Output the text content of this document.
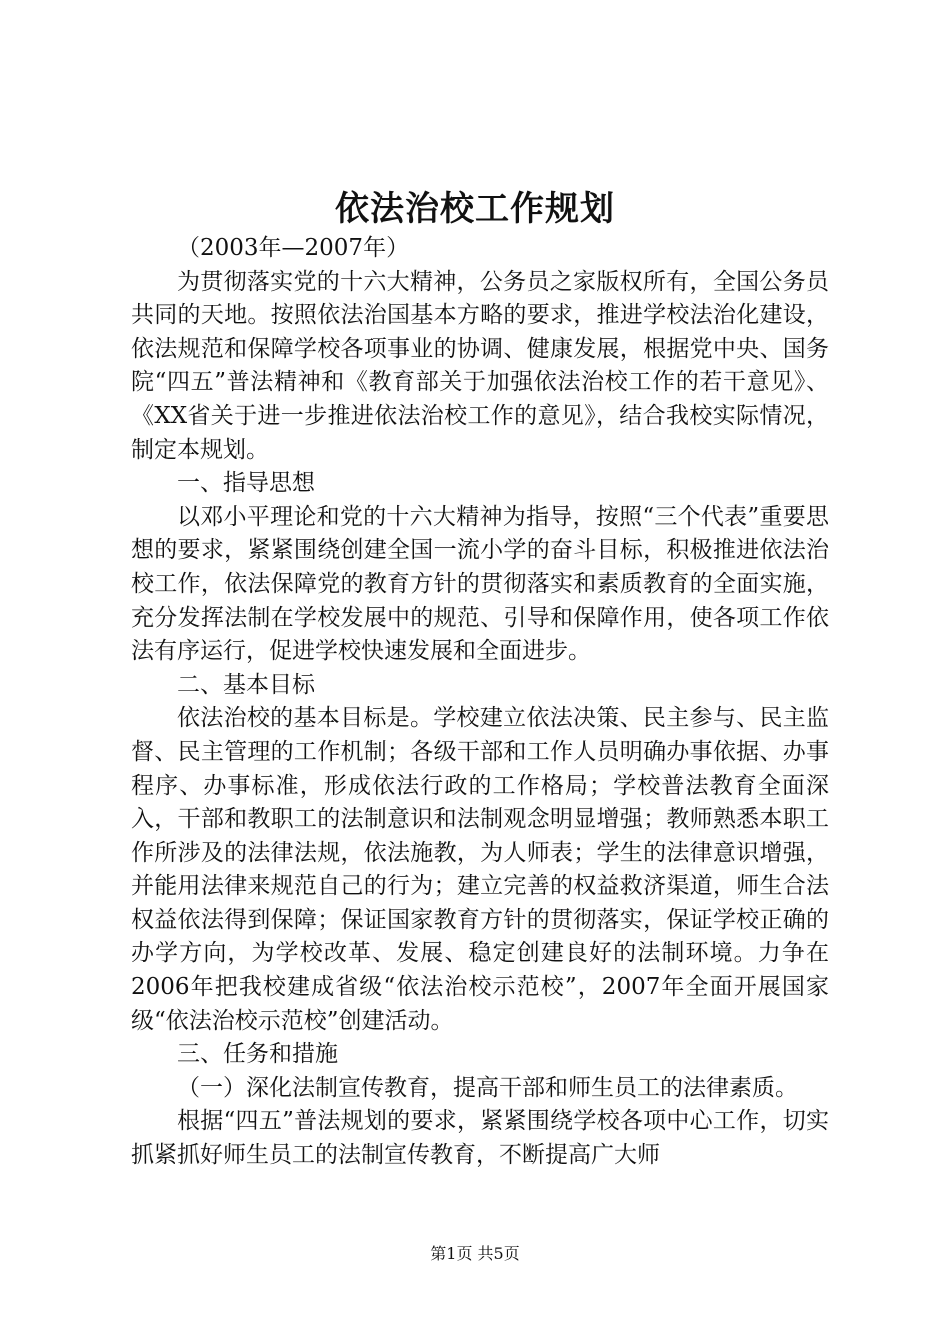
依法治校工作规划

（2003年—2007年）

为贯彻落实党的十六大精神，公务员之家版权所有，全国公务员共同的天地。按照依法治国基本方略的要求，推进学校法治化建设，依法规范和保障学校各项事业的协调、健康发展，根据党中央、国务院“四五”普法精神和《教育部关于加强依法治校工作的若干意见》、《XX省关于进一步推进依法治校工作的意见》，结合我校实际情况，制定本规划。

一、指导思想

以邓小平理论和党的十六大精神为指导，按照“三个代表”重要思想的要求，紧紧围绕创建全国一流小学的奋斗目标，积极推进依法治校工作，依法保障党的教育方针的贯彻落实和素质教育的全面实施，充分发挥法制在学校发展中的规范、引导和保障作用，使各项工作依法有序运行，促进学校快速发展和全面进步。

二、基本目标

依法治校的基本目标是。学校建立依法决策、民主参与、民主监督、民主管理的工作机制；各级干部和工作人员明确办事依据、办事程序、办事标准，形成依法行政的工作格局；学校普法教育全面深入，干部和教职工的法制意识和法制观念明显增强；教师熟悉本职工作所涉及的法律法规，依法施教，为人师表；学生的法律意识增强，并能用法律来规范自己的行为；建立完善的权益救济渠道，师生合法权益依法得到保障；保证国家教育方针的贯彻落实，保证学校正确的办学方向，为学校改革、发展、稳定创建良好的法制环境。力争在2006年把我校建成省级“依法治校示范校”，2007年全面开展国家级“依法治校示范校”创建活动。

三、任务和措施

（一）深化法制宣传教育，提高干部和师生员工的法律素质。

根据“四五”普法规划的要求，紧紧围绕学校各项中心工作，切实抓紧抓好师生员工的法制宣传教育，不断提高广大师

第1页 共5页
